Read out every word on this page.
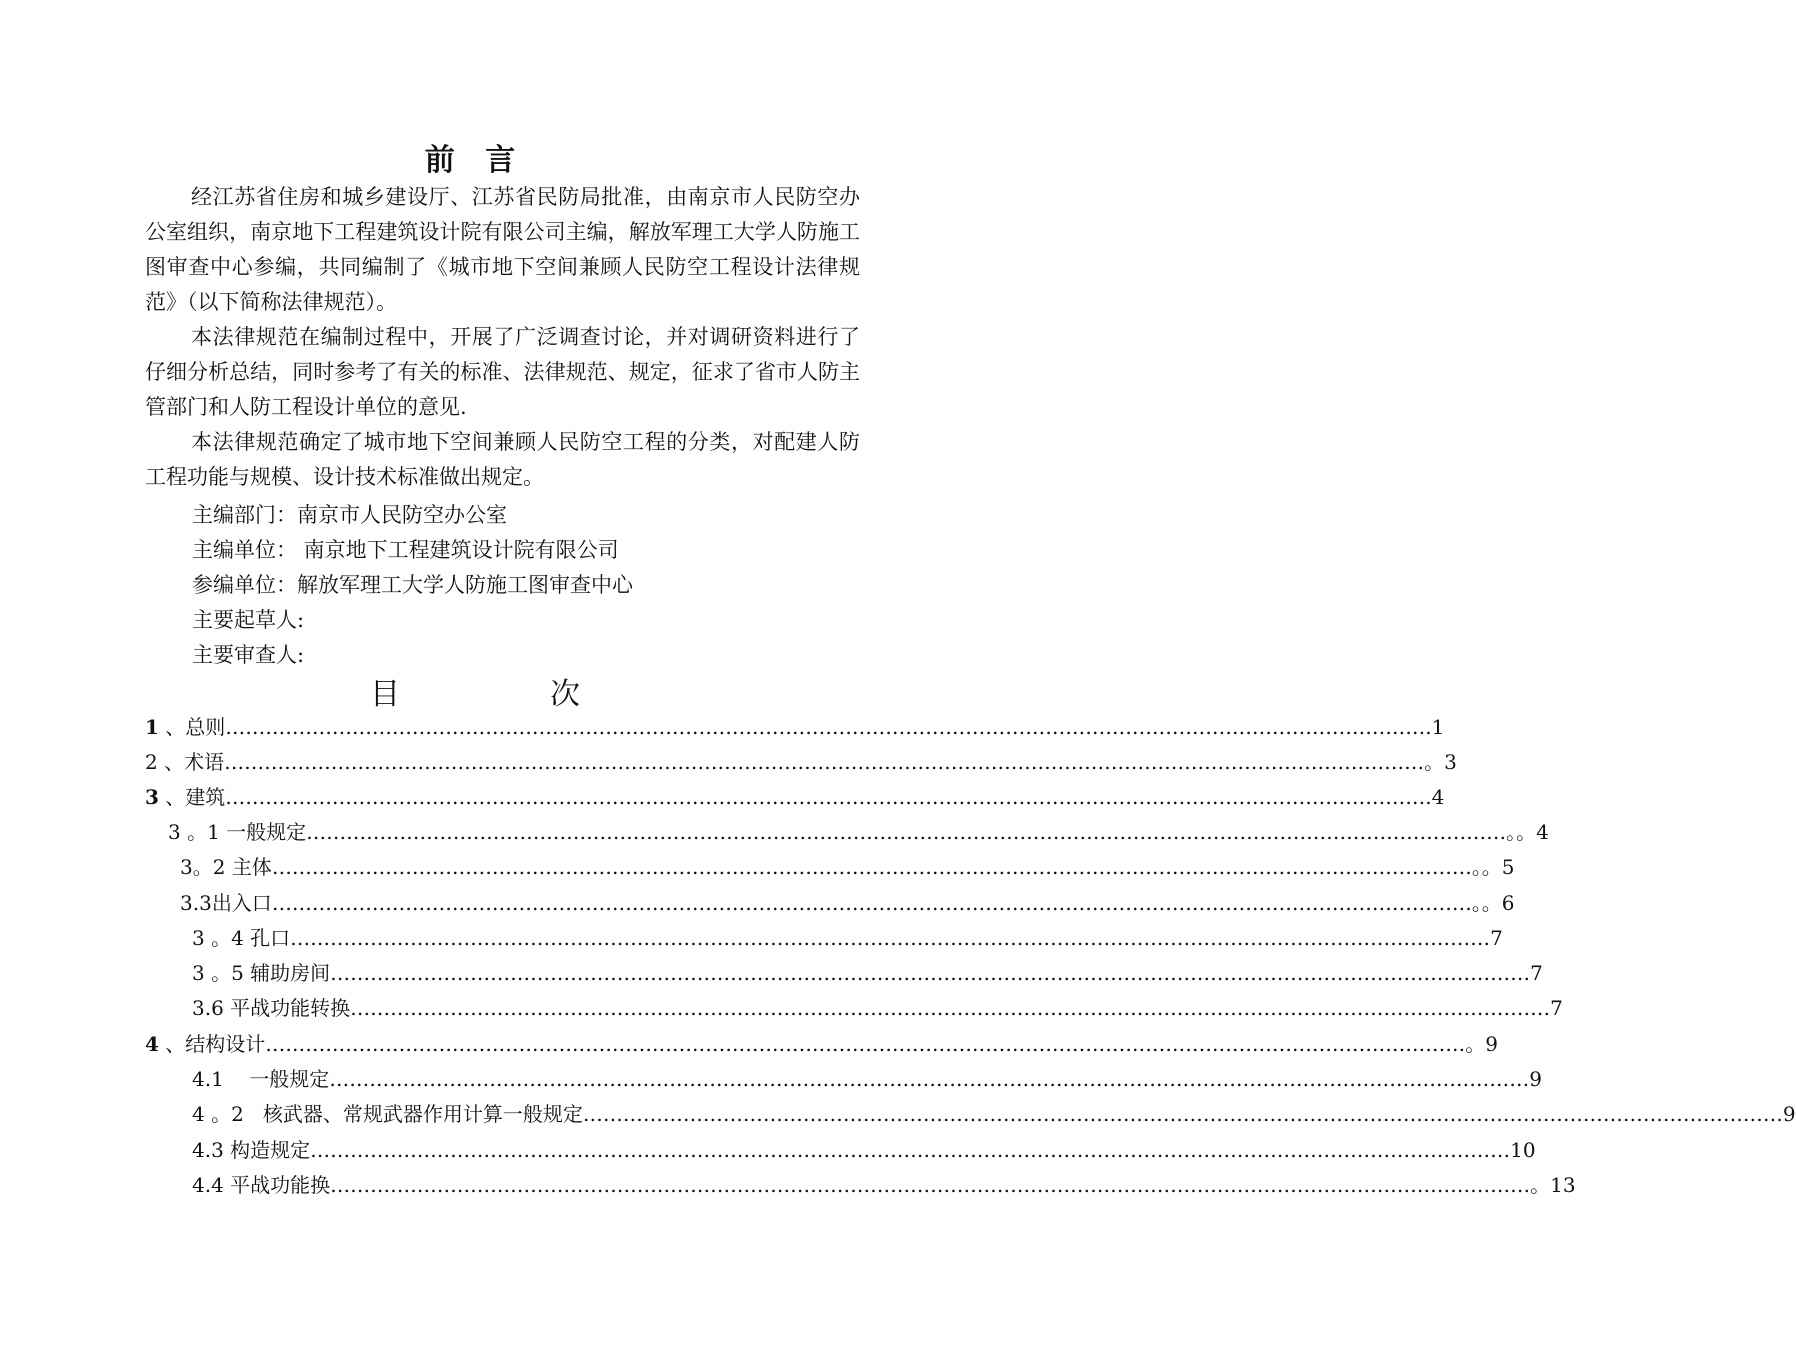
前 言

经江苏省住房和城乡建设厅、江苏省民防局批准，由南京市人民防空办公室组织，南京地下工程建筑设计院有限公司主编，解放军理工大学人防施工图审查中心参编，共同编制了《城市地下空间兼顾人民防空工程设计法律规范》（以下简称法律规范）。

本法律规范在编制过程中，开展了广泛调查讨论，并对调研资料进行了仔细分析总结，同时参考了有关的标准、法律规范、规定，征求了省市人防主管部门和人防工程设计单位的意见.

本法律规范确定了城市地下空间兼顾人民防空工程的分类，对配建人防工程功能与规模、设计技术标准做出规定。

主编部门：南京市人民防空办公室
主编单位： 南京地下工程建筑设计院有限公司
参编单位：解放军理工大学人防施工图审查中心
主要起草人:
主要审查人:
目	次
1 、 总则 ……………………………………………………………………………………………………………………………………………………………… .1
2 、 术语 ……………………………………………………………………………………………………………………………………………………………… 。3
3 、 建筑 ……………………………………………………………………………………………………………………………………………………………… .4
3 。1
一般规定 ……………………………………………………………………………………………………………………………………………………………… 。。4
3。2
主体 ……………………………………………………………………………………………………………………………………………………………… 。。5
3.3 出入口 ……………………………………………………………………………………………………………………………………………………………… 。。6
3 。4
孔口 ……………………………………………………………………………………………………………………………………………………………… 7
3 。5
辅助房间 ……………………………………………………………………………………………………………………………………………………………… 7
3.6
平战功能转换 ……………………………………………………………………………………………………………………………………………………………… 7
4 、 结构设计 ……………………………………………………………………………………………………………………………………………………………… 。9
4.1
一般规定 ……………………………………………………………………………………………………………………………………………………………… 9
4 。2
核武器、常规武器作用计算一般规定 ……………………………………………………………………………………………………………………………………………………………… 9
4.3
构造规定 ……………………………………………………………………………………………………………………………………………………………… 10
4.4
平战功能换 ……………………………………………………………………………………………………………………………………………………………… 。13
